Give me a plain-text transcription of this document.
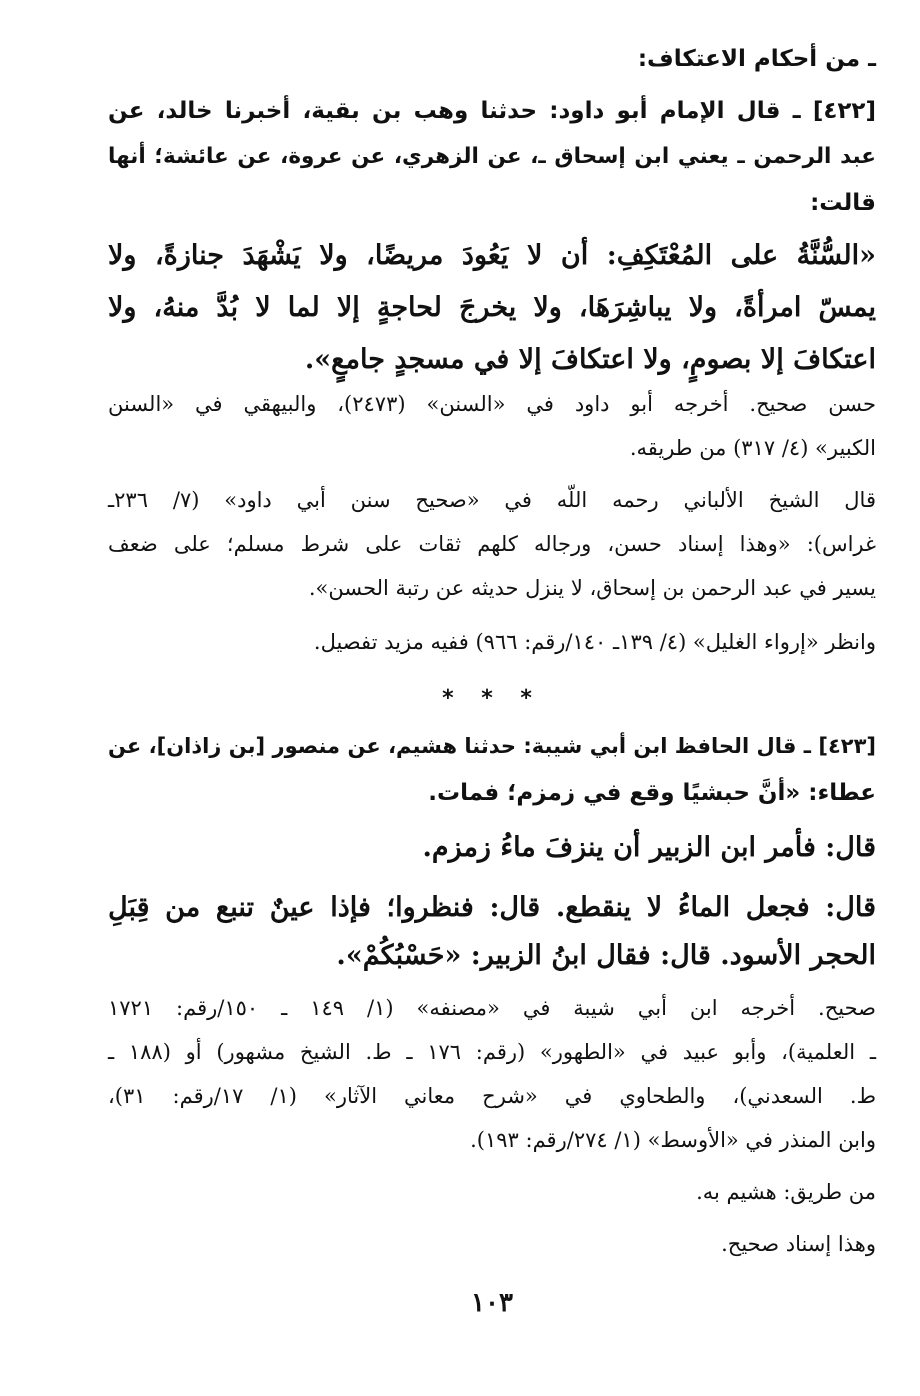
ـ من أحكام الاعتكاف:
[٤٢٢] ـ قال الإمام أبو داود: حدثنا وهب بن بقية، أخبرنا خالد، عن
عبد الرحمن ـ يعني ابن إسحاق ـ، عن الزهري، عن عروة، عن عائشة؛ أنها
قالت:
«السُّنَّةُ على المُعْتَكِفِ: أن لا يَعُودَ مريضًا، ولا يَشْهَدَ جنازةً، ولا
يمسّ امرأةً، ولا يباشِرَهَا، ولا يخرجَ لحاجةٍ إلا لما لا بُدَّ منهُ، ولا
اعتكافَ إلا بصومٍ، ولا اعتكافَ إلا في مسجدٍ جامعٍ».
حسن صحيح. أخرجه أبو داود في «السنن» (٢٤٧٣)، والبيهقي في «السنن
الكبير» (٤/ ٣١٧) من طريقه.
قال الشيخ الألباني رحمه اللّه في «صحيح سنن أبي داود» (٧/ ٢٣٦ـ
غراس): «وهذا إسناد حسن، ورجاله كلهم ثقات على شرط مسلم؛ على ضعف
يسير في عبد الرحمن بن إسحاق، لا ينزل حديثه عن رتبة الحسن».
وانظر «إرواء الغليل» (٤/ ١٣٩ـ ١٤٠/رقم: ٩٦٦) ففيه مزيد تفصيل.
* * *
[٤٢٣] ـ قال الحافظ ابن أبي شيبة: حدثنا هشيم، عن منصور [بن زاذان]، عن
عطاء: «أنَّ حبشيًا وقع في زمزم؛ فمات.
قال: فأمر ابن الزبير أن ينزفَ ماءُ زمزم.
قال: فجعل الماءُ لا ينقطع. قال: فنظروا؛ فإذا عينٌ تنبع من قِبَلِ
الحجر الأسود. قال: فقال ابنُ الزبير: «حَسْبُكُمْ».
صحيح. أخرجه ابن أبي شيبة في «مصنفه» (١/ ١٤٩ ـ ١٥٠/رقم: ١٧٢١
ـ العلمية)، وأبو عبيد في «الطهور» (رقم: ١٧٦ ـ ط. الشيخ مشهور) أو (١٨٨ ـ
ط. السعدني)، والطحاوي في «شرح معاني الآثار» (١/ ١٧/رقم: ٣١)،
وابن المنذر في «الأوسط» (١/ ٢٧٤/رقم: ١٩٣).
من طريق: هشيم به.
وهذا إسناد صحيح.
١٠٣
